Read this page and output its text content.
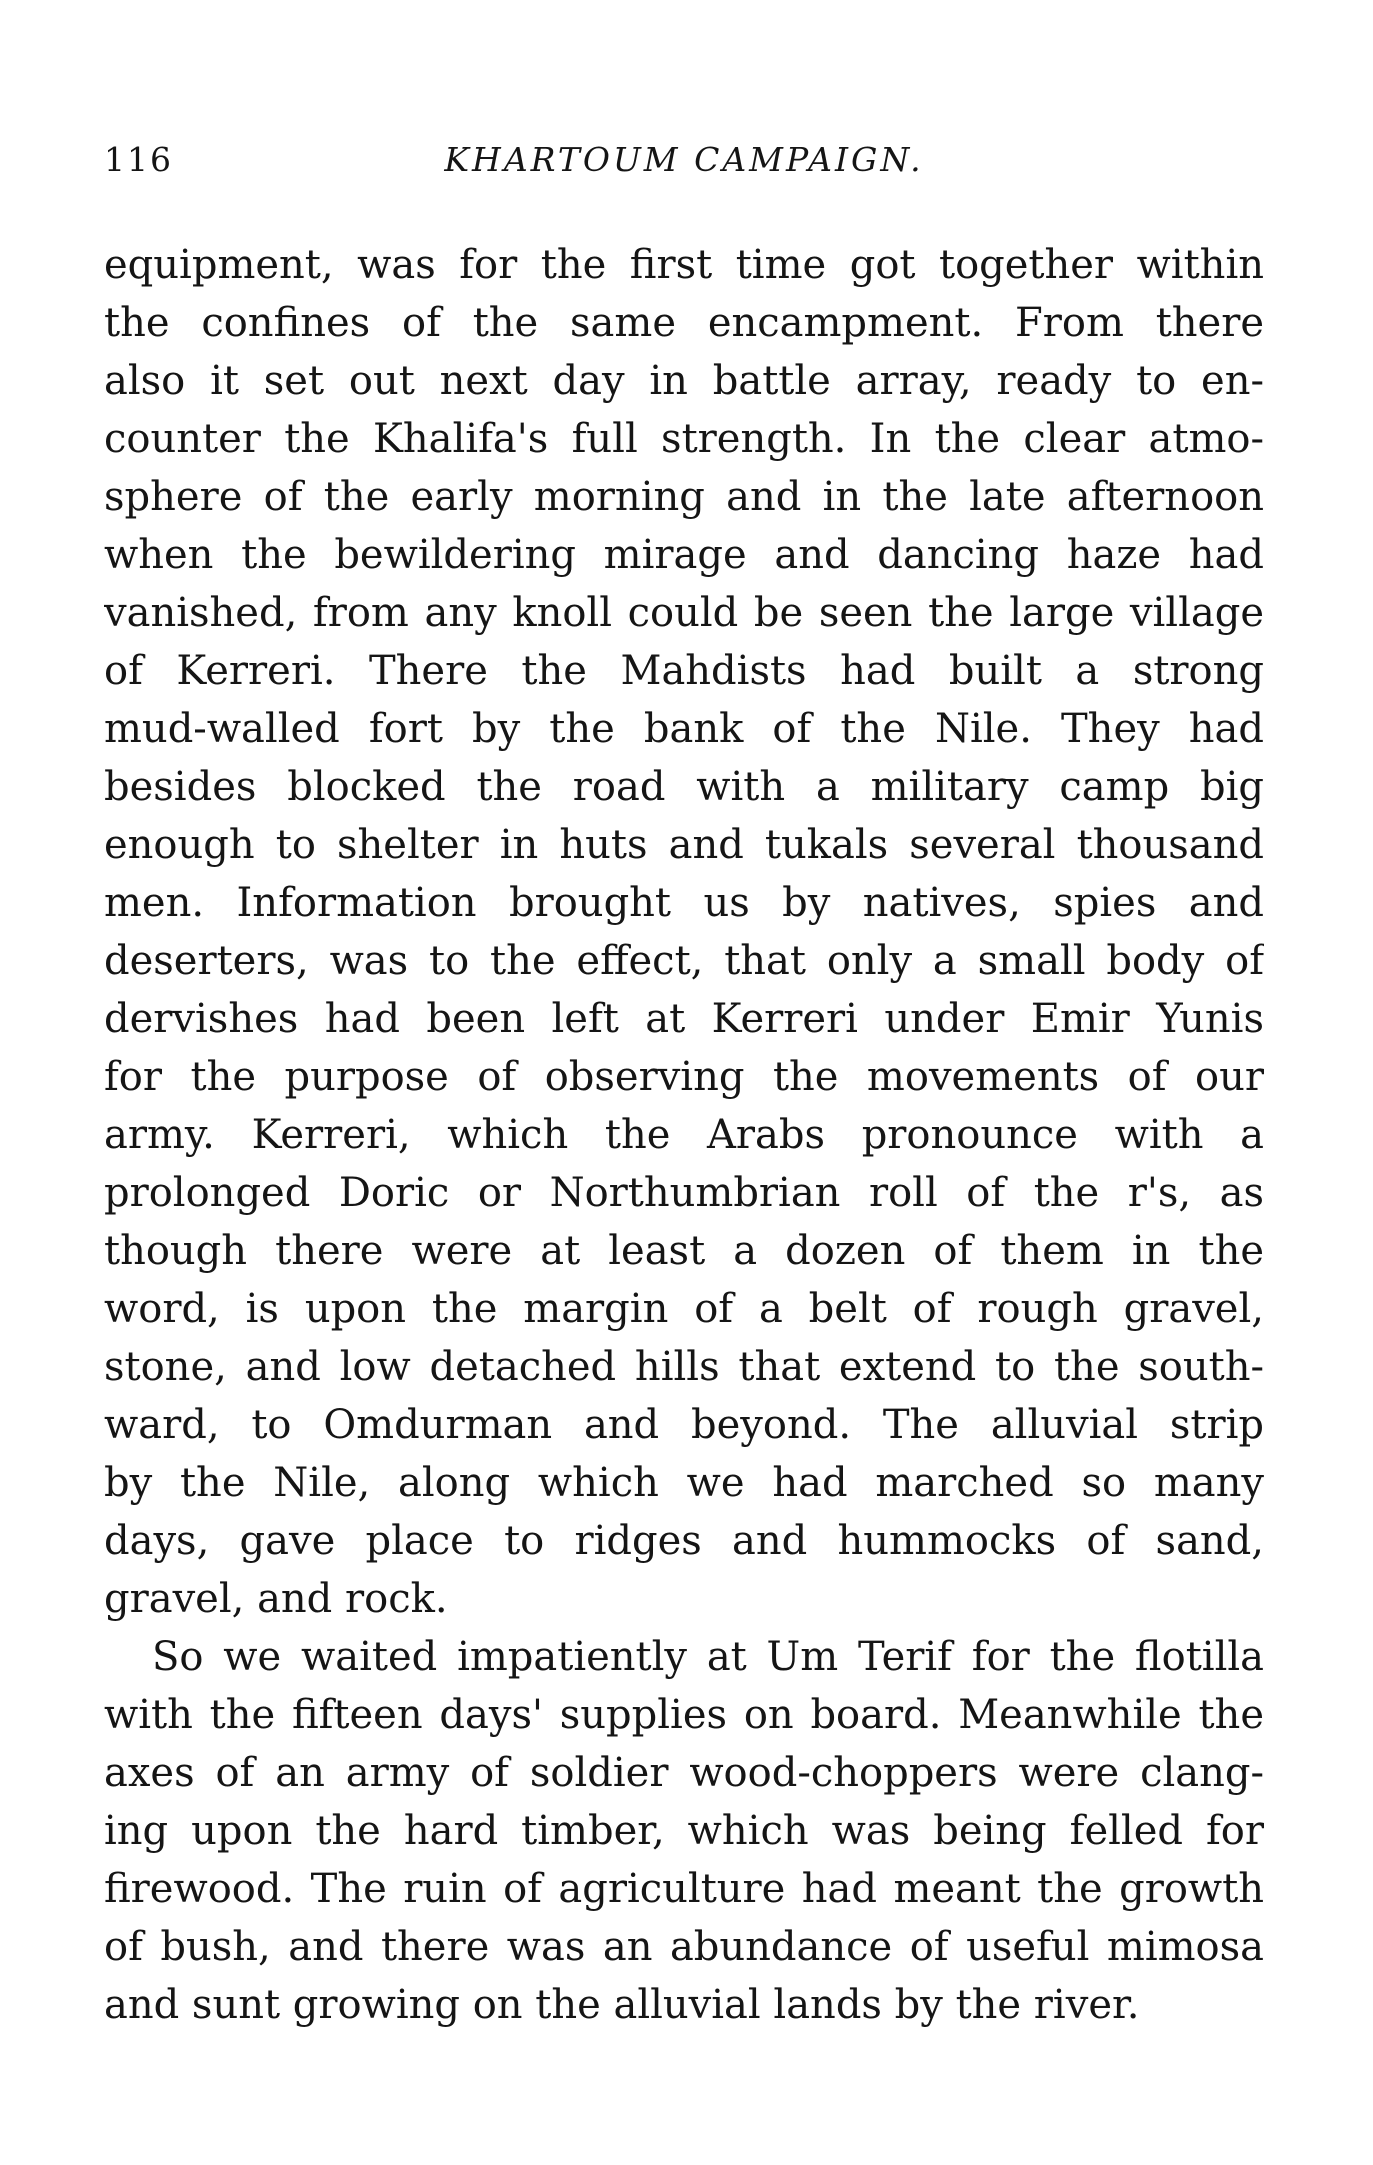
116	KHARTOUM CAMPAIGN.
equipment, was for the first time got together within
the confines of the same encampment. From there
also it set out next day in battle array, ready to en-
counter the Khalifa's full strength. In the clear atmo-
sphere of the early morning and in the late afternoon
when the bewildering mirage and dancing haze had
vanished, from any knoll could be seen the large village
of Kerreri. There the Mahdists had built a strong
mud-walled fort by the bank of the Nile. They had
besides blocked the road with a military camp big
enough to shelter in huts and tukals several thousand
men. Information brought us by natives, spies and
deserters, was to the effect, that only a small body of
dervishes had been left at Kerreri under Emir Yunis
for the purpose of observing the movements of our
army. Kerreri, which the Arabs pronounce with a
prolonged Doric or Northumbrian roll of the r's, as
though there were at least a dozen of them in the
word, is upon the margin of a belt of rough gravel,
stone, and low detached hills that extend to the south-
ward, to Omdurman and beyond. The alluvial strip
by the Nile, along which we had marched so many
days, gave place to ridges and hummocks of sand,
gravel, and rock.
So we waited impatiently at Um Terif for the flotilla
with the fifteen days' supplies on board. Meanwhile the
axes of an army of soldier wood-choppers were clang-
ing upon the hard timber, which was being felled for
firewood. The ruin of agriculture had meant the growth
of bush, and there was an abundance of useful mimosa
and sunt growing on the alluvial lands by the river.
